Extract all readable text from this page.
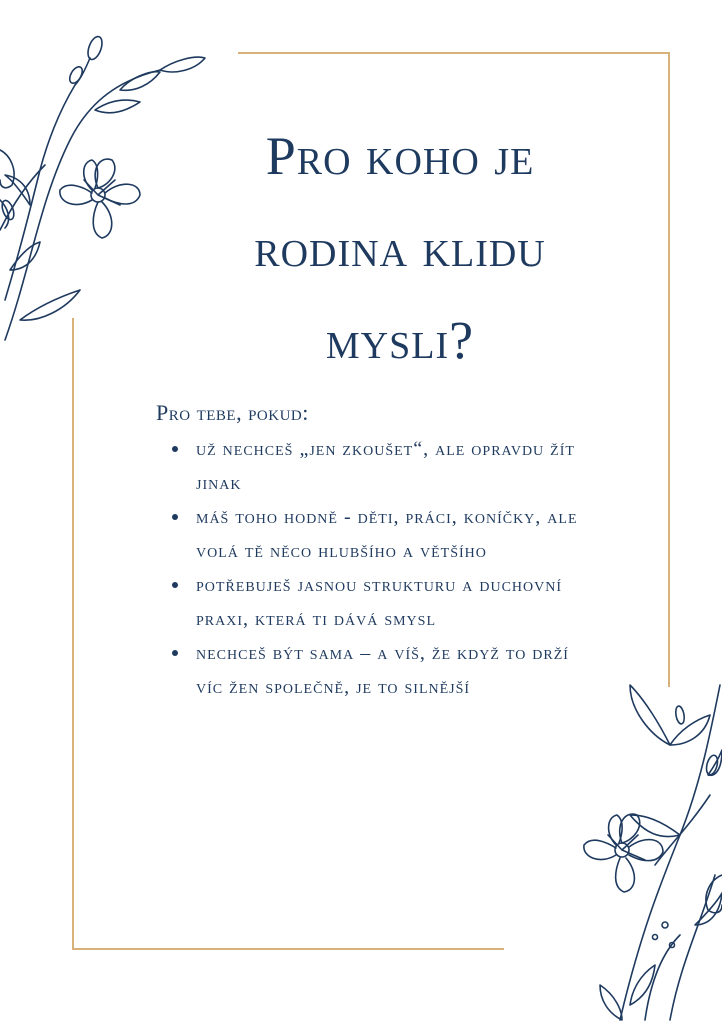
Pro koho je
rodina klidu
mysli?
Pro tebe, pokud:
už nechceš „jen zkoušet“, ale opravdu žít jinak
máš toho hodně - děti, práci, koníčky, ale volá tě něco hlubšího a většího
potřebuješ jasnou strukturu a duchovní praxi, která ti dává smysl
nechceš být sama – a víš, že když to drží víc žen společně, je to silnější
